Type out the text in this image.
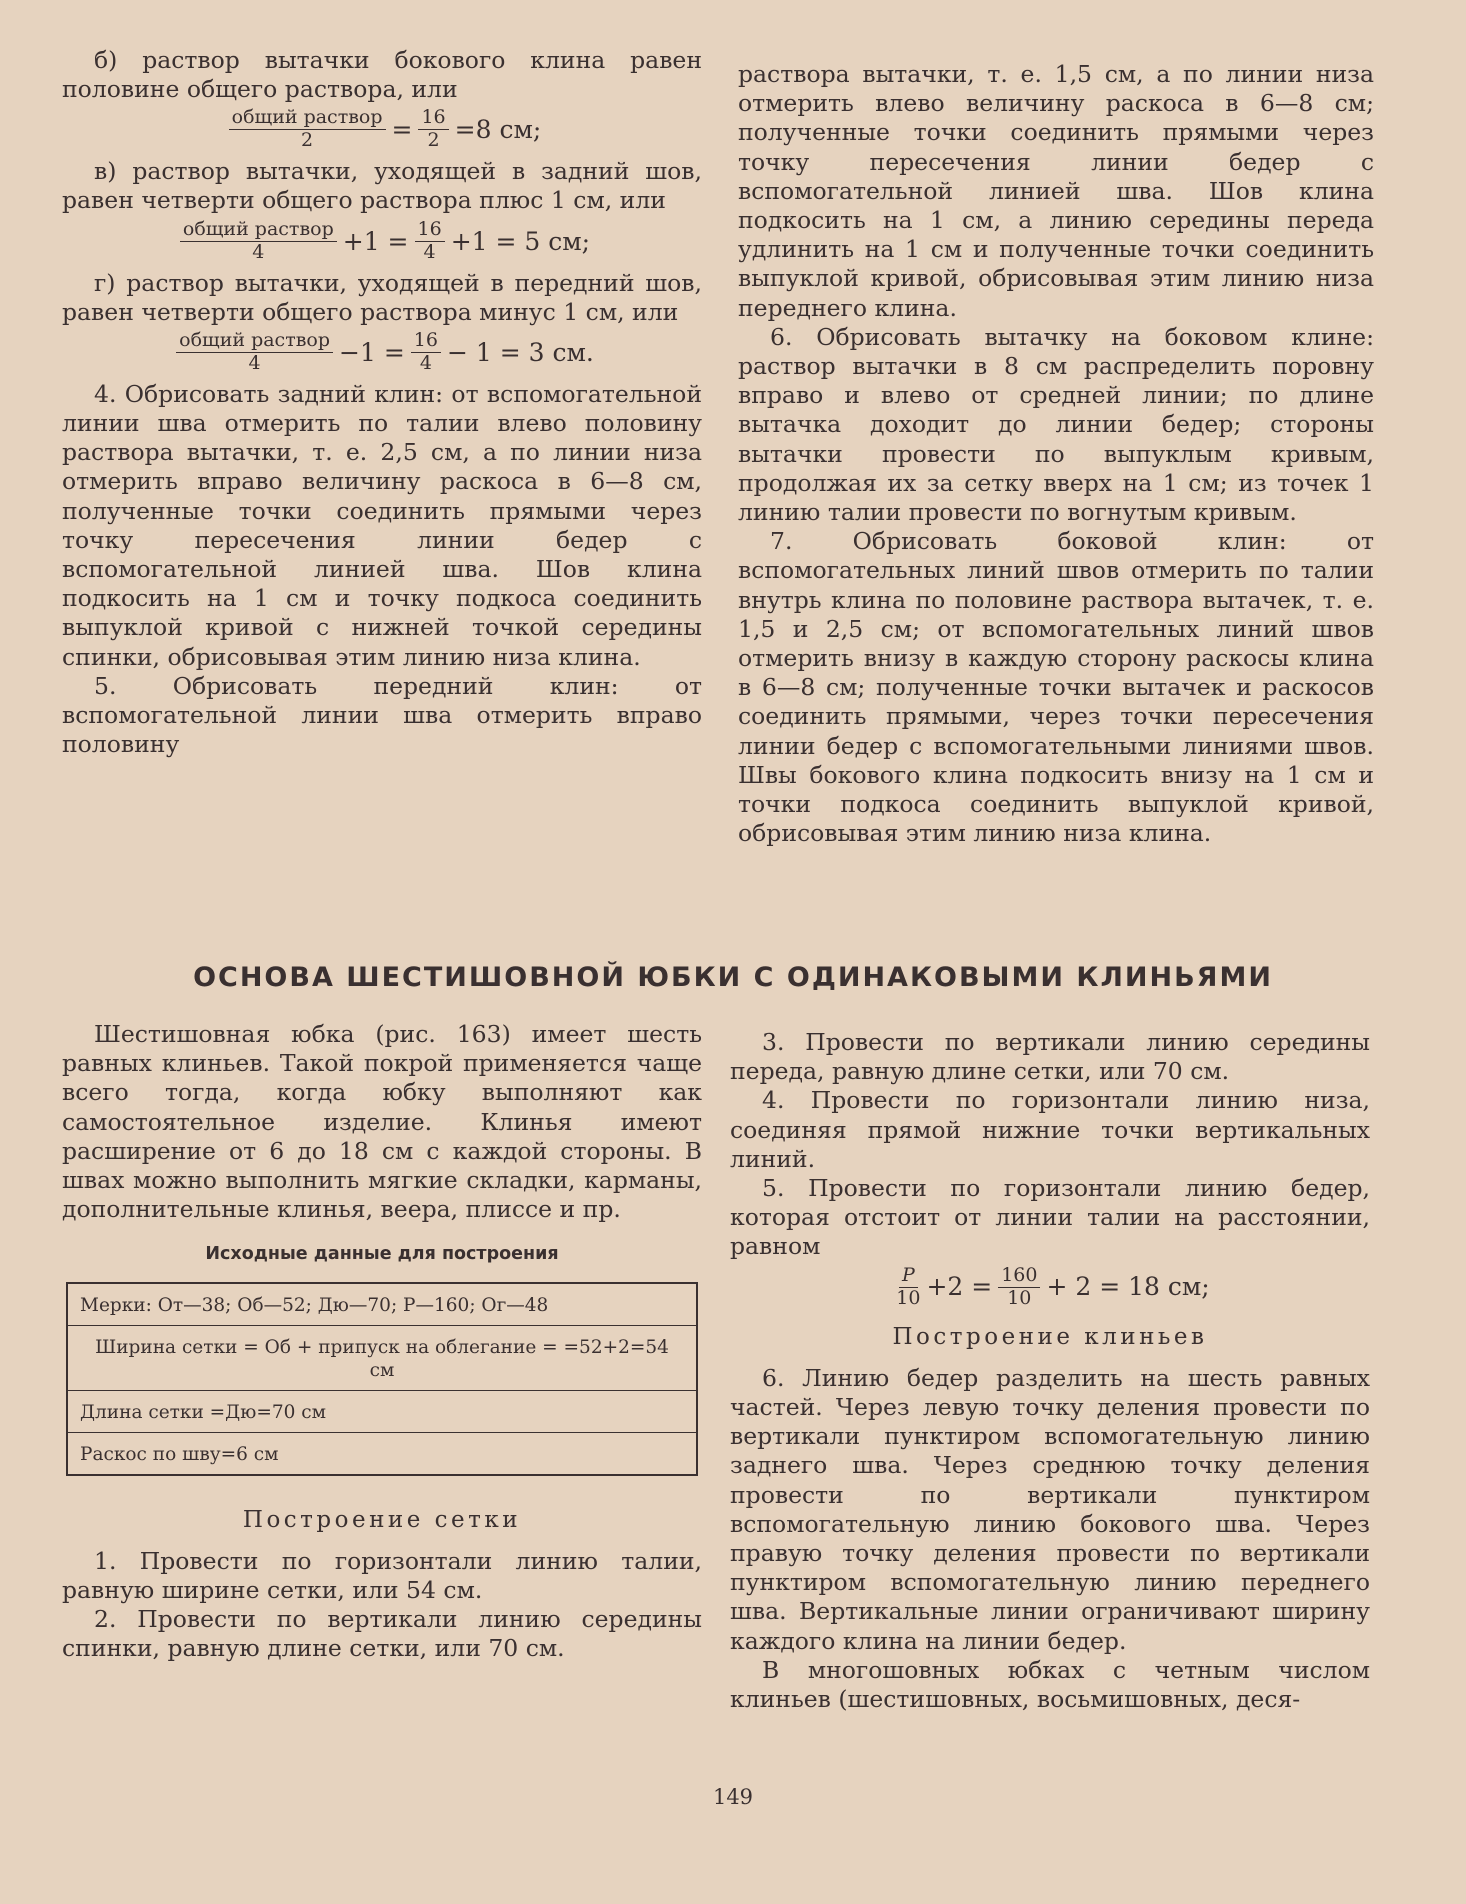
б) раствор вытачки бокового клина равен половине общего раствора, или

$\frac{\text{общий раствор}}{2} = \frac{16}{2} =8$ см;

в) раствор вытачки, уходящей в задний шов, равен четверти общего раствора плюс 1 см, или

$\frac{\text{общий раствор}}{4} +1 = \frac{16}{4} +1 = 5$ см;

г) раствор вытачки, уходящей в передний шов, равен четверти общего раствора минус 1 см, или

$\frac{\text{общий раствор}}{4} -1 = \frac{16}{4} - 1 = 3$ см.

4. Обрисовать задний клин: от вспомогательной линии шва отмерить по талии влево половину раствора вытачки, т. е. 2,5 см, а по линии низа отмерить вправо величину раскоса в 6—8 см, полученные точки соединить прямыми через точку пересечения линии бедер с вспомогательной линией шва. Шов клина подкосить на 1 см и точку подкоса соединить выпуклой кривой с нижней точкой середины спинки, обрисовывая этим линию низа клина.

5. Обрисовать передний клин: от вспомогательной линии шва отмерить вправо половину

раствора вытачки, т. е. 1,5 см, а по линии низа отмерить влево величину раскоса в 6—8 см; полученные точки соединить прямыми через точку пересечения линии бедер с вспомогательной линией шва. Шов клина подкосить на 1 см, а линию середины переда удлинить на 1 см и полученные точки соединить выпуклой кривой, обрисовывая этим линию низа переднего клина.

6. Обрисовать вытачку на боковом клине: раствор вытачки в 8 см распределить поровну вправо и влево от средней линии; по длине вытачка доходит до линии бедер; стороны вытачки провести по выпуклым кривым, продолжая их за сетку вверх на 1 см; из точек 1 линию талии провести по вогнутым кривым.

7. Обрисовать боковой клин: от вспомогательных линий швов отмерить по талии внутрь клина по половине раствора вытачек, т. е. 1,5 и 2,5 см; от вспомогательных линий швов отмерить внизу в каждую сторону раскосы клина в 6—8 см; полученные точки вытачек и раскосов соединить прямыми, через точки пересечения линии бедер с вспомогательными линиями швов. Швы бокового клина подкосить внизу на 1 см и точки подкоса соединить выпуклой кривой, обрисовывая этим линию низа клина.

ОСНОВА ШЕСТИШОВНОЙ ЮБКИ С ОДИНАКОВЫМИ КЛИНЬЯМИ

Шестишовная юбка (рис. 163) имеет шесть равных клиньев. Такой покрой применяется чаще всего тогда, когда юбку выполняют как самостоятельное изделие. Клинья имеют расширение от 6 до 18 см с каждой стороны. В швах можно выполнить мягкие складки, карманы, дополнительные клинья, веера, плиссе и пр.

Исходные данные для построения
Мерки: От—38; Об—52; Дю—70; Р—160; Ог—48
Ширина сетки = Об + припуск на облегание = =52+2=54 см
Длина сетки =Дю=70 см
Раскос по шву=6 см
Построение сетки

1. Провести по горизонтали линию талии, равную ширине сетки, или 54 см.

2. Провести по вертикали линию середины спинки, равную длине сетки, или 70 см.

3. Провести по вертикали линию середины переда, равную длине сетки, или 70 см.

4. Провести по горизонтали линию низа, соединяя прямой нижние точки вертикальных линий.

5. Провести по горизонтали линию бедер, которая отстоит от линии талии на расстоянии, равном

$\frac{P}{10} +2 = \frac{160}{10} + 2 = 18$ см;
Построение клиньев

6. Линию бедер разделить на шесть равных частей. Через левую точку деления провести по вертикали пунктиром вспомогательную линию заднего шва. Через среднюю точку деления провести по вертикали пунктиром вспомогательную линию бокового шва. Через правую точку деления провести по вертикали пунктиром вспомогательную линию переднего шва. Вертикальные линии ограничивают ширину каждого клина на линии бедер.

В многошовных юбках с четным числом клиньев (шестишовных, восьмишовных, деся-

149
